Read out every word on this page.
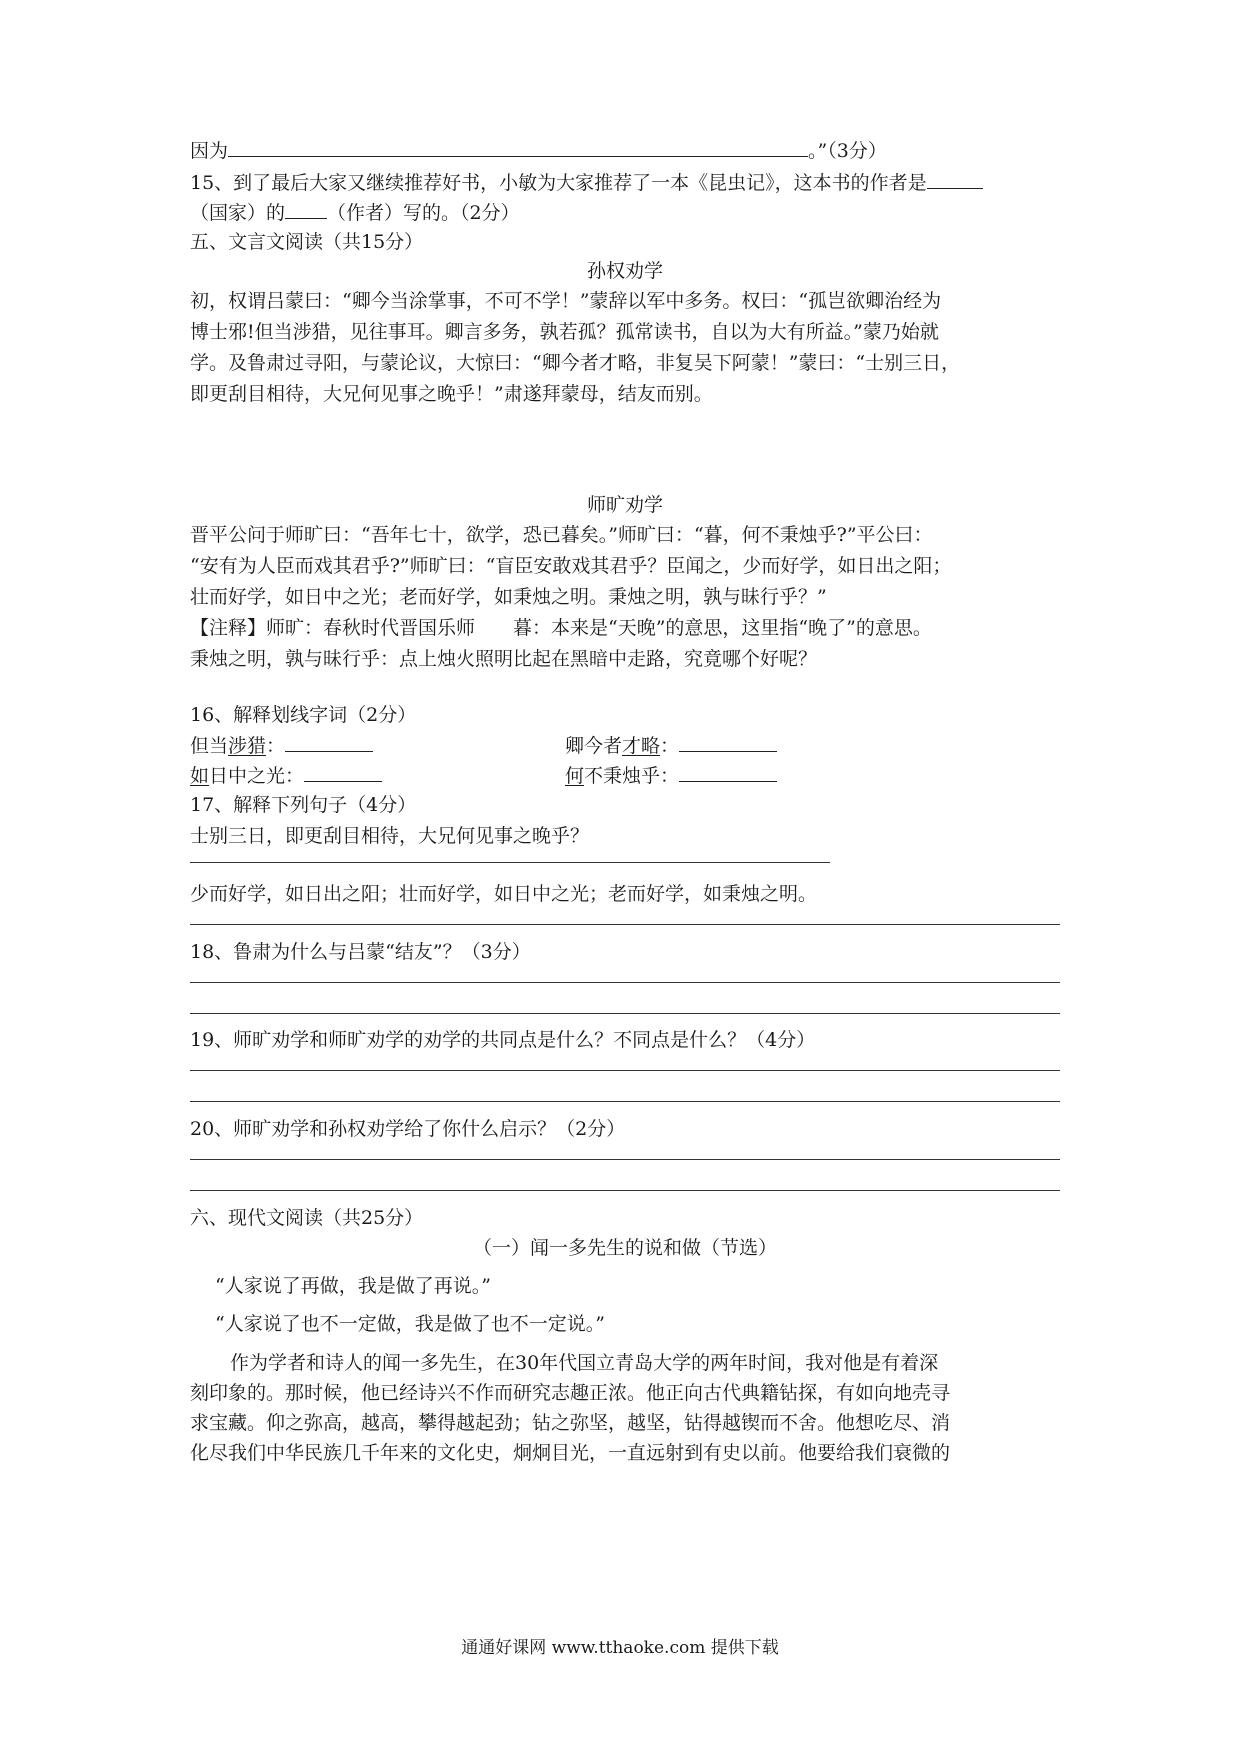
因为	。”（3分）
15、到了最后大家又继续推荐好书，小敏为大家推荐了一本《昆虫记》，这本书的作者是
（国家）的 （作者）写的。（2分）
五、文言文阅读（共15分）
孙权劝学
初，权谓吕蒙曰：“卿今当涂掌事，不可不学！”蒙辞以军中多务。权曰：“孤岂欲卿治经为
博士邪!但当涉猎，见往事耳。卿言多务，孰若孤？孤常读书，自以为大有所益。”蒙乃始就
学。及鲁肃过寻阳，与蒙论议，大惊曰：“卿今者才略，非复吴下阿蒙！”蒙曰：“士别三日，
即更刮目相待，大兄何见事之晚乎！”肃遂拜蒙母，结友而别。
师旷劝学
晋平公问于师旷曰：“吾年七十，欲学，恐已暮矣。”师旷曰：“暮，何不秉烛乎?”平公曰：
“安有为人臣而戏其君乎?”师旷曰：“盲臣安敢戏其君乎？臣闻之，少而好学，如日出之阳；
壮而好学，如日中之光；老而好学，如秉烛之明。秉烛之明，孰与昧行乎？”
【注释】师旷：春秋时代晋国乐师　　暮：本来是“天晚”的意思，这里指“晚了”的意思。
秉烛之明，孰与昧行乎：点上烛火照明比起在黑暗中走路，究竟哪个好呢？
16、解释划线字词（2分）
但当涉猎：	卿今者才略：
如日中之光：	何不秉烛乎：
17、解释下列句子（4分）
士别三日，即更刮目相待，大兄何见事之晚乎？
少而好学，如日出之阳；壮而好学，如日中之光；老而好学，如秉烛之明。
18、鲁肃为什么与吕蒙“结友”？（3分）
19、师旷劝学和师旷劝学的劝学的共同点是什么？不同点是什么？（4分）
20、师旷劝学和孙权劝学给了你什么启示？（2分）
六、现代文阅读（共25分）
（一）闻一多先生的说和做（节选）
“人家说了再做，我是做了再说。”
“人家说了也不一定做，我是做了也不一定说。”
作为学者和诗人的闻一多先生，在30年代国立青岛大学的两年时间，我对他是有着深
刻印象的。那时候，他已经诗兴不作而研究志趣正浓。他正向古代典籍钻探，有如向地壳寻
求宝藏。仰之弥高，越高，攀得越起劲；钻之弥坚，越坚，钻得越锲而不舍。他想吃尽、消
化尽我们中华民族几千年来的文化史，炯炯目光，一直远射到有史以前。他要给我们衰微的
通通好课网 www.tthaoke.com 提供下载
